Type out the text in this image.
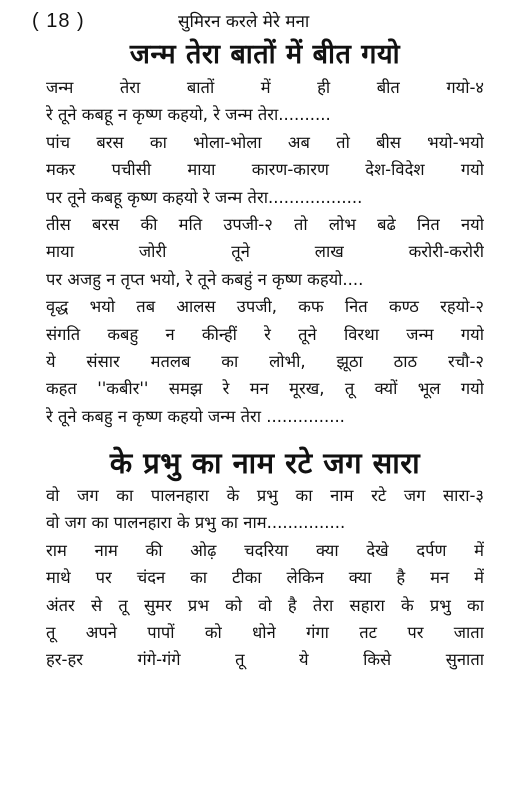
( 18 )	सुमिरन करले मेरे मना
जन्म तेरा बातों में बीत गयो
जन्म तेरा बातों में ही बीत गयो-४
रे तूने कबहू न कृष्ण कहयो, रे जन्म तेरा..........
पांच बरस का भोला-भोला अब तो बीस भयो-भयो
मकर पचीसी माया कारण-कारण देश-विदेश गयो
पर तूने कबहू कृष्ण कहयो रे जन्म तेरा..................
तीस बरस की मति उपजी-२ तो लोभ बढे नित नयो
माया जोरी तूने लाख करोरी-करोरी
पर अजहु न तृप्त भयो, रे तूने कबहुं न कृष्ण कहयो....
वृद्ध भयो तब आलस उपजी, कफ नित कण्ठ रहयो-२
संगति कबहु न कीन्हीं रे तूने विरथा जन्म गयो
ये संसार मतलब का लोभी, झूठा ठाठ रचौ-२
कहत ''कबीर'' समझ रे मन मूरख, तू क्यों भूल गयो
रे तूने कबहु न कृष्ण कहयो जन्म तेरा ...............
के प्रभु का नाम रटे जग सारा
वो जग का पालनहारा के प्रभु का नाम रटे जग सारा-३
वो जग का पालनहारा के प्रभु का नाम...............
राम नाम की ओढ़ चदरिया क्या देखे दर्पण में
माथे पर चंदन का टीका लेकिन क्या है मन में
अंतर से तू सुमर प्रभ को वो है तेरा सहारा के प्रभु का
तू अपने पापों को धोने गंगा तट पर जाता
हर-हर गंगे-गंगे तू ये किसे सुनाता
